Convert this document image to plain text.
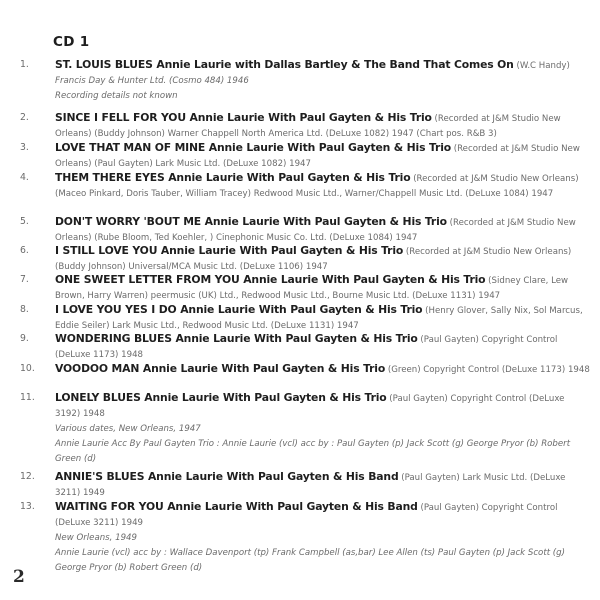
CD 1
1.	ST. LOUIS BLUES Annie Laurie with Dallas Bartley & The Band That Comes On (W.C Handy)
Francis Day & Hunter Ltd. (Cosmo 484) 1946
Recording details not known
2.	SINCE I FELL FOR YOU Annie Laurie With Paul Gayten & His Trio (Recorded at J&M Studio New Orleans) (Buddy Johnson) Warner Chappell North America Ltd. (DeLuxe 1082) 1947 (Chart pos. R&B 3)
3.	LOVE THAT MAN OF MINE Annie Laurie With Paul Gayten & His Trio (Recorded at J&M Studio New Orleans) (Paul Gayten) Lark Music Ltd. (DeLuxe 1082) 1947
4.	THEM THERE EYES Annie Laurie With Paul Gayten & His Trio (Recorded at J&M Studio New Orleans) (Maceo Pinkard, Doris Tauber, William Tracey) Redwood Music Ltd., Warner/Chappell Music Ltd. (DeLuxe 1084) 1947
5.	DON'T WORRY 'BOUT ME Annie Laurie With Paul Gayten & His Trio (Recorded at J&M Studio New Orleans) (Rube Bloom, Ted Koehler, ) Cinephonic Music Co. Ltd. (DeLuxe 1084) 1947
6.	I STILL LOVE YOU Annie Laurie With Paul Gayten & His Trio (Recorded at J&M Studio New Orleans) (Buddy Johnson) Universal/MCA Music Ltd. (DeLuxe 1106) 1947
7.	ONE SWEET LETTER FROM YOU Annie Laurie With Paul Gayten & His Trio (Sidney Clare, Lew Brown, Harry Warren) peermusic (UK) Ltd., Redwood Music Ltd., Bourne Music Ltd. (DeLuxe 1131) 1947
8.	I LOVE YOU YES I DO Annie Laurie With Paul Gayten & His Trio (Henry Glover, Sally Nix, Sol Marcus, Eddie Seiler) Lark Music Ltd., Redwood Music Ltd. (DeLuxe 1131) 1947
9.	WONDERING BLUES Annie Laurie With Paul Gayten & His Trio (Paul Gayten) Copyright Control (DeLuxe 1173) 1948
10.	VOODOO MAN Annie Laurie With Paul Gayten & His Trio (Green) Copyright Control (DeLuxe 1173) 1948
11.	LONELY BLUES Annie Laurie With Paul Gayten & His Trio (Paul Gayten) Copyright Control (DeLuxe 3192) 1948
Various dates, New Orleans, 1947
Annie Laurie Acc By Paul Gayten Trio : Annie Laurie (vcl) acc by : Paul Gayten (p) Jack Scott (g) George Pryor (b) Robert Green (d)
12.	ANNIE'S BLUES Annie Laurie With Paul Gayten & His Band (Paul Gayten) Lark Music Ltd. (DeLuxe 3211) 1949
13.	WAITING FOR YOU Annie Laurie With Paul Gayten & His Band (Paul Gayten) Copyright Control (DeLuxe 3211) 1949
New Orleans, 1949
Annie Laurie (vcl) acc by : Wallace Davenport (tp) Frank Campbell (as,bar) Lee Allen (ts) Paul Gayten (p) Jack Scott (g) George Pryor (b) Robert Green (d)
2
